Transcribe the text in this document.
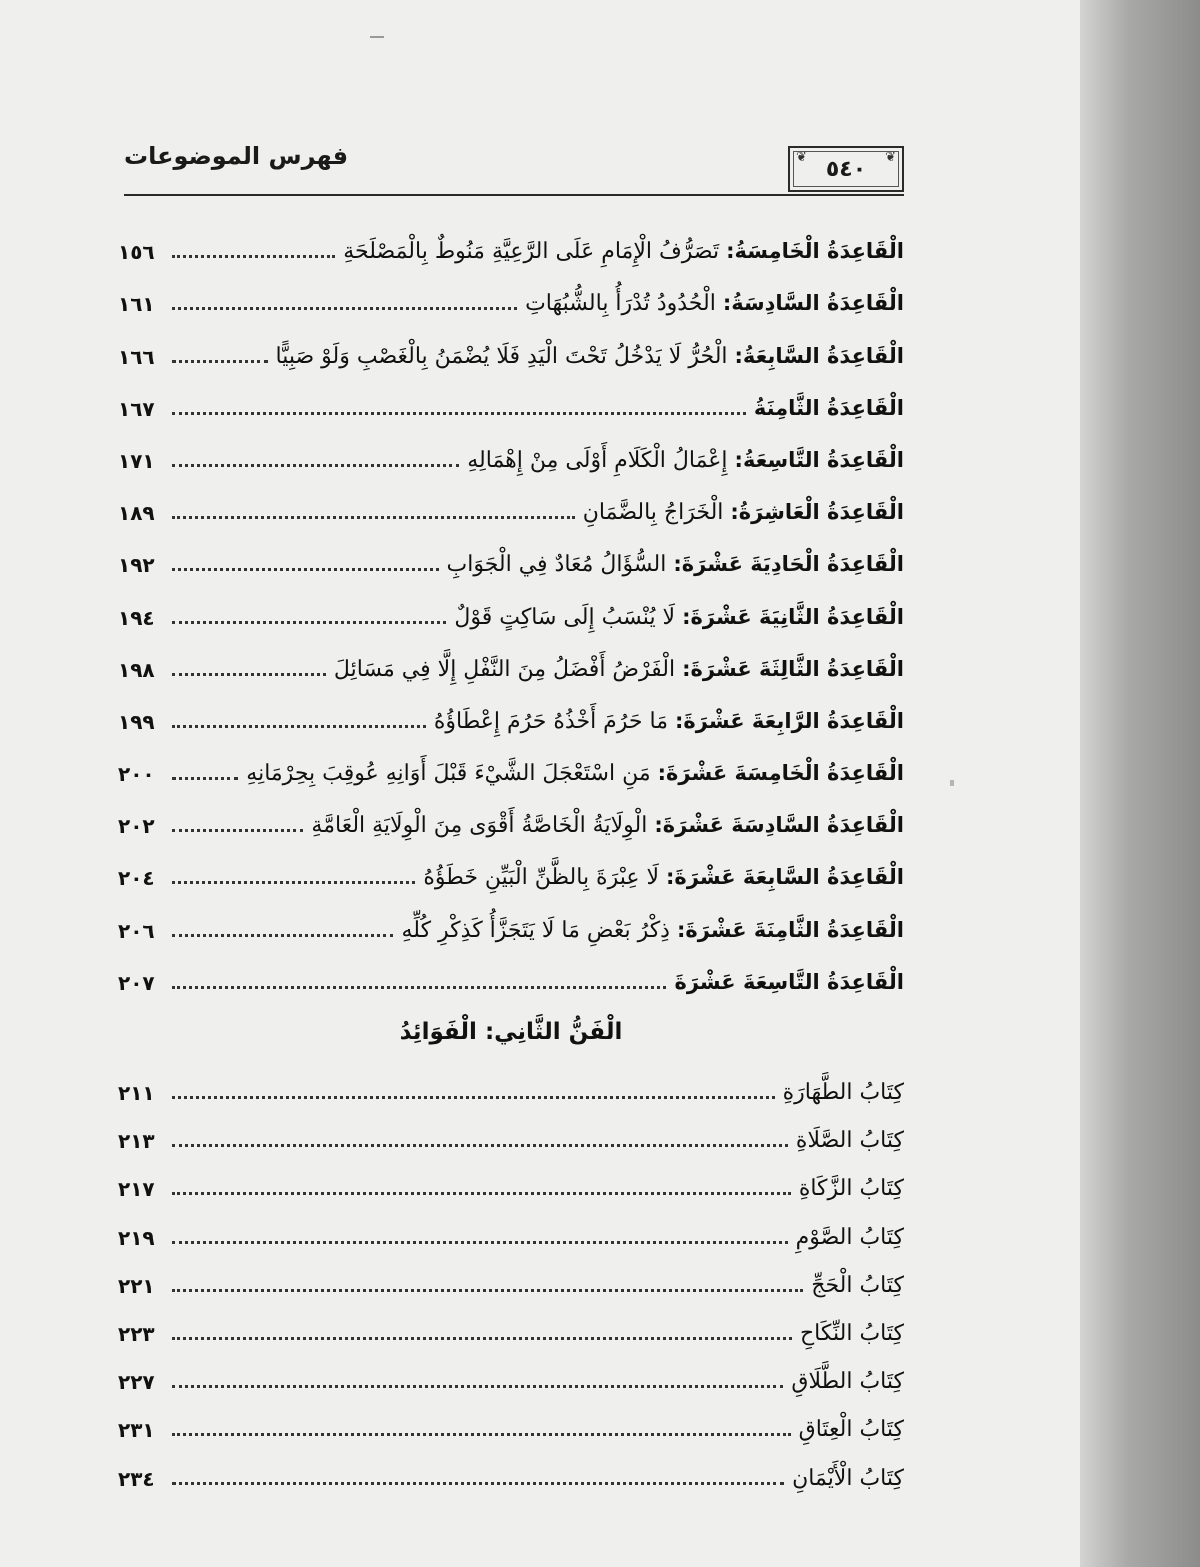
❦	❦
٥٤٠
فهرس الموضوعات
الْقَاعِدَةُ الْخَامِسَةُ: تَصَرُّفُ الْإِمَامِ عَلَى الرَّعِيَّةِ مَنُوطٌ بِالْمَصْلَحَةِ
١٥٦
الْقَاعِدَةُ السَّادِسَةُ: الْحُدُودُ تُدْرَأُ بِالشُّبُهَاتِ
١٦١
الْقَاعِدَةُ السَّابِعَةُ: الْحُرُّ لَا يَدْخُلُ تَحْتَ الْيَدِ فَلَا يُضْمَنُ بِالْغَصْبِ وَلَوْ صَبِيًّا
١٦٦
الْقَاعِدَةُ الثَّامِنَةُ
١٦٧
الْقَاعِدَةُ التَّاسِعَةُ: إِعْمَالُ الْكَلَامِ أَوْلَى مِنْ إِهْمَالِهِ
١٧١
الْقَاعِدَةُ الْعَاشِرَةُ: الْخَرَاجُ بِالضَّمَانِ
١٨٩
الْقَاعِدَةُ الْحَادِيَةَ عَشْرَةَ: السُّؤَالُ مُعَادٌ فِي الْجَوَابِ
١٩٢
الْقَاعِدَةُ الثَّانِيَةَ عَشْرَةَ: لَا يُنْسَبُ إِلَى سَاكِتٍ قَوْلٌ
١٩٤
الْقَاعِدَةُ الثَّالِثَةَ عَشْرَةَ: الْفَرْضُ أَفْضَلُ مِنَ النَّفْلِ إِلَّا فِي مَسَائِلَ
١٩٨
الْقَاعِدَةُ الرَّابِعَةَ عَشْرَةَ: مَا حَرُمَ أَخْذُهُ حَرُمَ إِعْطَاؤُهُ
١٩٩
الْقَاعِدَةُ الْخَامِسَةَ عَشْرَةَ: مَنِ اسْتَعْجَلَ الشَّيْءَ قَبْلَ أَوَانِهِ عُوقِبَ بِحِرْمَانِهِ
٢٠٠
الْقَاعِدَةُ السَّادِسَةَ عَشْرَةَ: الْوِلَايَةُ الْخَاصَّةُ أَقْوَى مِنَ الْوِلَايَةِ الْعَامَّةِ
٢٠٢
الْقَاعِدَةُ السَّابِعَةَ عَشْرَةَ: لَا عِبْرَةَ بِالظَّنِّ الْبَيِّنِ خَطَؤُهُ
٢٠٤
الْقَاعِدَةُ الثَّامِنَةَ عَشْرَةَ: ذِكْرُ بَعْضِ مَا لَا يَتَجَزَّأُ كَذِكْرِ كُلِّهِ
٢٠٦
الْقَاعِدَةُ التَّاسِعَةَ عَشْرَةَ
٢٠٧
الْفَنُّ الثَّانِي: الْفَوَائِدُ
كِتَابُ الطَّهَارَةِ
٢١١
كِتَابُ الصَّلَاةِ
٢١٣
كِتَابُ الزَّكَاةِ
٢١٧
كِتَابُ الصَّوْمِ
٢١٩
كِتَابُ الْحَجِّ
٢٢١
كِتَابُ النِّكَاحِ
٢٢٣
كِتَابُ الطَّلَاقِ
٢٢٧
كِتَابُ الْعِتَاقِ
٢٣١
كِتَابُ الْأَيْمَانِ
٢٣٤
